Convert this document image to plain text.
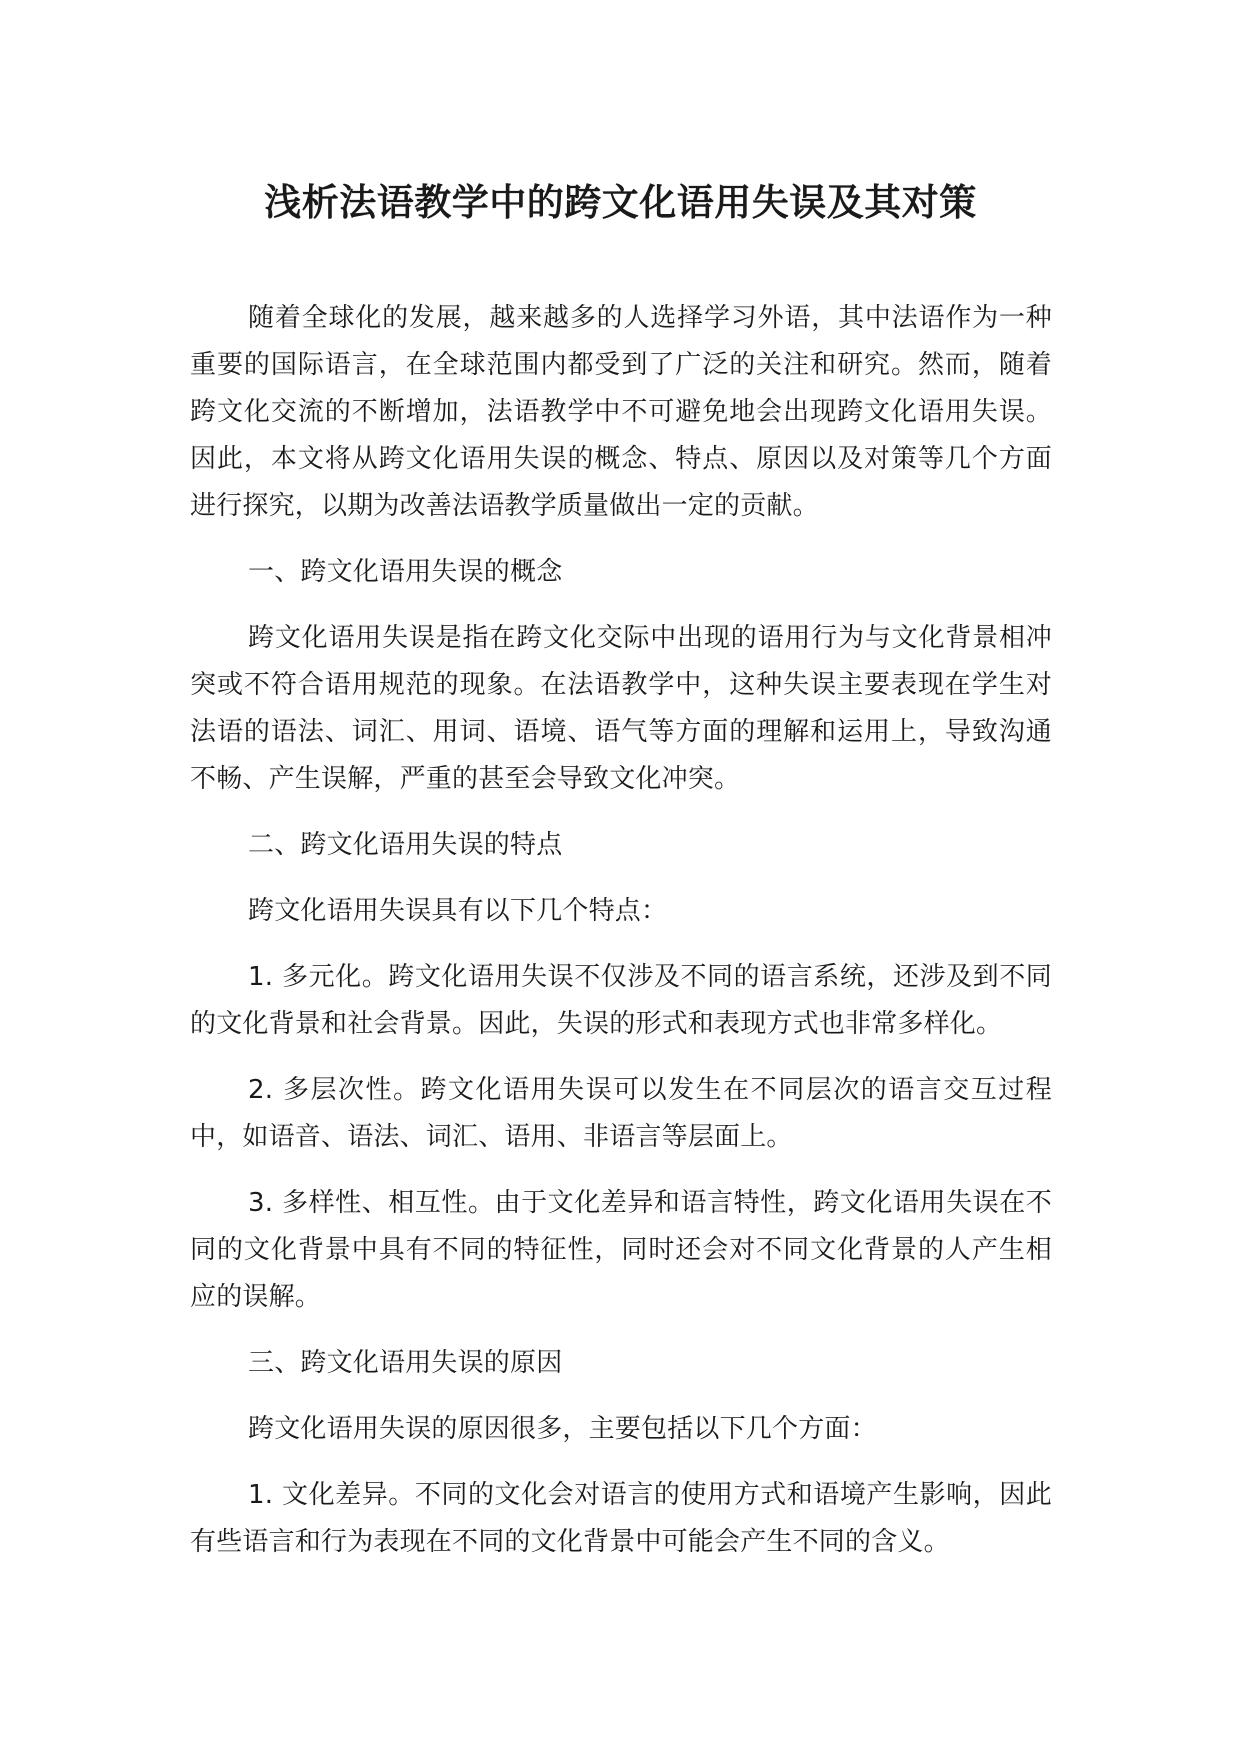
浅析法语教学中的跨文化语用失误及其对策

随着全球化的发展，越来越多的人选择学习外语，其中法语作为一种重要的国际语言，在全球范围内都受到了广泛的关注和研究。然而，随着跨文化交流的不断增加，法语教学中不可避免地会出现跨文化语用失误。因此，本文将从跨文化语用失误的概念、特点、原因以及对策等几个方面进行探究，以期为改善法语教学质量做出一定的贡献。

一、跨文化语用失误的概念

跨文化语用失误是指在跨文化交际中出现的语用行为与文化背景相冲突或不符合语用规范的现象。在法语教学中，这种失误主要表现在学生对法语的语法、词汇、用词、语境、语气等方面的理解和运用上，导致沟通不畅、产生误解，严重的甚至会导致文化冲突。

二、跨文化语用失误的特点

跨文化语用失误具有以下几个特点：

1. 多元化。跨文化语用失误不仅涉及不同的语言系统，还涉及到不同的文化背景和社会背景。因此，失误的形式和表现方式也非常多样化。

2. 多层次性。跨文化语用失误可以发生在不同层次的语言交互过程中，如语音、语法、词汇、语用、非语言等层面上。

3. 多样性、相互性。由于文化差异和语言特性，跨文化语用失误在不同的文化背景中具有不同的特征性，同时还会对不同文化背景的人产生相应的误解。

三、跨文化语用失误的原因

跨文化语用失误的原因很多，主要包括以下几个方面：

1. 文化差异。不同的文化会对语言的使用方式和语境产生影响，因此有些语言和行为表现在不同的文化背景中可能会产生不同的含义。
